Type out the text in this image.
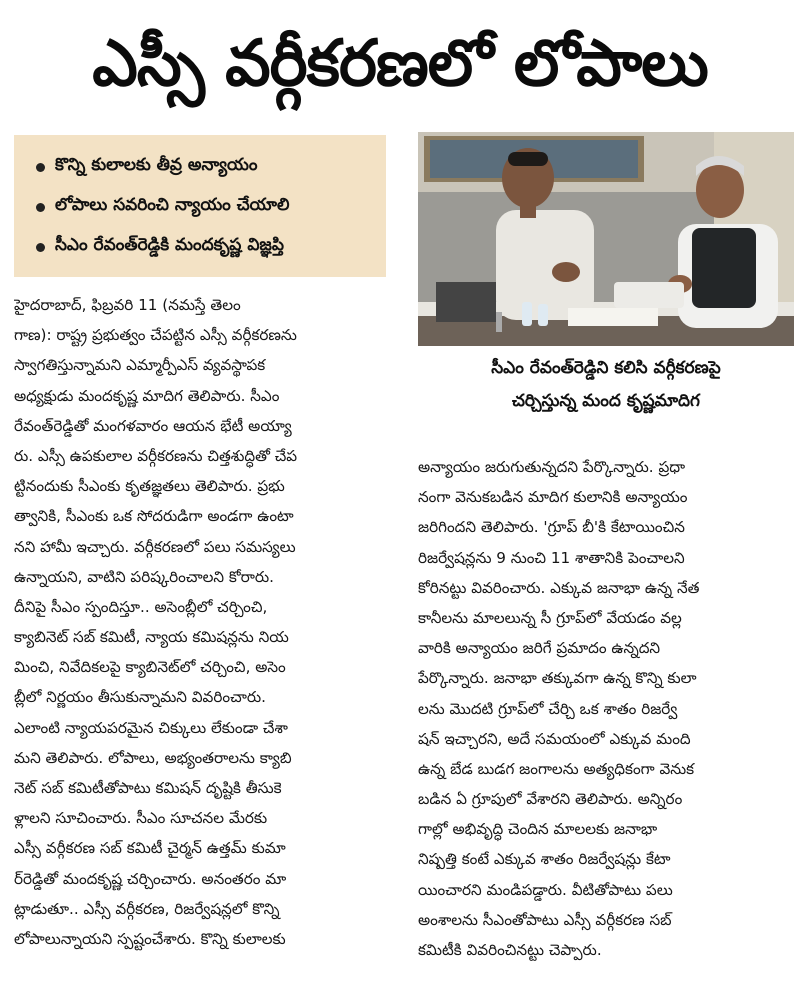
ఎస్సీ వర్గీకరణలో లోపాలు
కొన్ని కులాలకు తీవ్ర అన్యాయం
లోపాలు సవరించి న్యాయం చేయాలి
సీఎం రేవంత్‌రెడ్డికి మందకృష్ణ విజ్ఞప్తి
సీఎం రేవంత్‌రెడ్డిని కలిసి వర్గీకరణపై
చర్చిస్తున్న మంద కృష్ణమాదిగ
హైదరాబాద్, ఫిబ్రవరి 11 (నమస్తే తెలం
గాణ): రాష్ట్ర ప్రభుత్వం చేపట్టిన ఎస్సీ వర్గీకరణను
స్వాగతిస్తున్నామని ఎమ్మార్పీఎస్ వ్యవస్థాపక
అధ్యక్షుడు మందకృష్ణ మాదిగ తెలిపారు. సీఎం
రేవంత్‌రెడ్డితో మంగళవారం ఆయన భేటీ అయ్యా
రు. ఎస్సీ ఉపకులాల వర్గీకరణను చిత్తశుద్ధితో చేప
ట్టినందుకు సీఎంకు కృతజ్ఞతలు తెలిపారు. ప్రభు
త్వానికి, సీఎంకు ఒక సోదరుడిగా అండగా ఉంటా
నని హామీ ఇచ్చారు. వర్గీకరణలో పలు సమస్యలు
ఉన్నాయని, వాటిని పరిష్కరించాలని కోరారు.
దీనిపై సీఎం స్పందిస్తూ.. అసెంబ్లీలో చర్చించి,
క్యాబినెట్ సబ్ కమిటీ, న్యాయ కమిషన్లను నియ
మించి, నివేదికలపై క్యాబినెట్‌లో చర్చించి, అసెం
బ్లీలో నిర్ణయం తీసుకున్నామని వివరించారు.
ఎలాంటి న్యాయపరమైన చిక్కులు లేకుండా చేశా
మని తెలిపారు. లోపాలు, అభ్యంతరాలను క్యాబి
నెట్ సబ్ కమిటీతోపాటు కమిషన్ దృష్టికి తీసుకె
ళ్లాలని సూచించారు. సీఎం సూచనల మేరకు
ఎస్సీ వర్గీకరణ సబ్ కమిటీ చైర్మన్ ఉత్తమ్ కుమా
ర్‌రెడ్డితో మందకృష్ణ చర్చించారు. అనంతరం మా
ట్లాడుతూ.. ఎస్సీ వర్గీకరణ, రిజర్వేషన్లలో కొన్ని
లోపాలున్నాయని స్పష్టంచేశారు. కొన్ని కులాలకు
అన్యాయం జరుగుతున్నదని పేర్కొన్నారు. ప్రధా
నంగా వెనుకబడిన మాదిగ కులానికి అన్యాయం
జరిగిందని తెలిపారు. 'గ్రూప్ బీ'కి కేటాయించిన
రిజర్వేషన్లను 9 నుంచి 11 శాతానికి పెంచాలని
కోరినట్టు వివరించారు. ఎక్కువ జనాభా ఉన్న నేత
కానీలను మాలలున్న సీ గ్రూప్‌లో వేయడం వల్ల
వారికి అన్యాయం జరిగే ప్రమాదం ఉన్నదని
పేర్కొన్నారు. జనాభా తక్కువగా ఉన్న కొన్ని కులా
లను మొదటి గ్రూప్‌లో చేర్చి ఒక శాతం రిజర్వే
షన్ ఇచ్చారని, అదే సమయంలో ఎక్కువ మంది
ఉన్న బేడ బుడగ జంగాలను అత్యధికంగా వెనుక
బడిన ఏ గ్రూపులో వేశారని తెలిపారు. అన్నిరం
గాల్లో అభివృద్ధి చెందిన మాలలకు జనాభా
నిష్పత్తి కంటే ఎక్కువ శాతం రిజర్వేషన్లు కేటా
యించారని మండిపడ్డారు. వీటితోపాటు పలు
అంశాలను సీఎంతోపాటు ఎస్సీ వర్గీకరణ సబ్
కమిటీకి వివరించినట్టు చెప్పారు.
